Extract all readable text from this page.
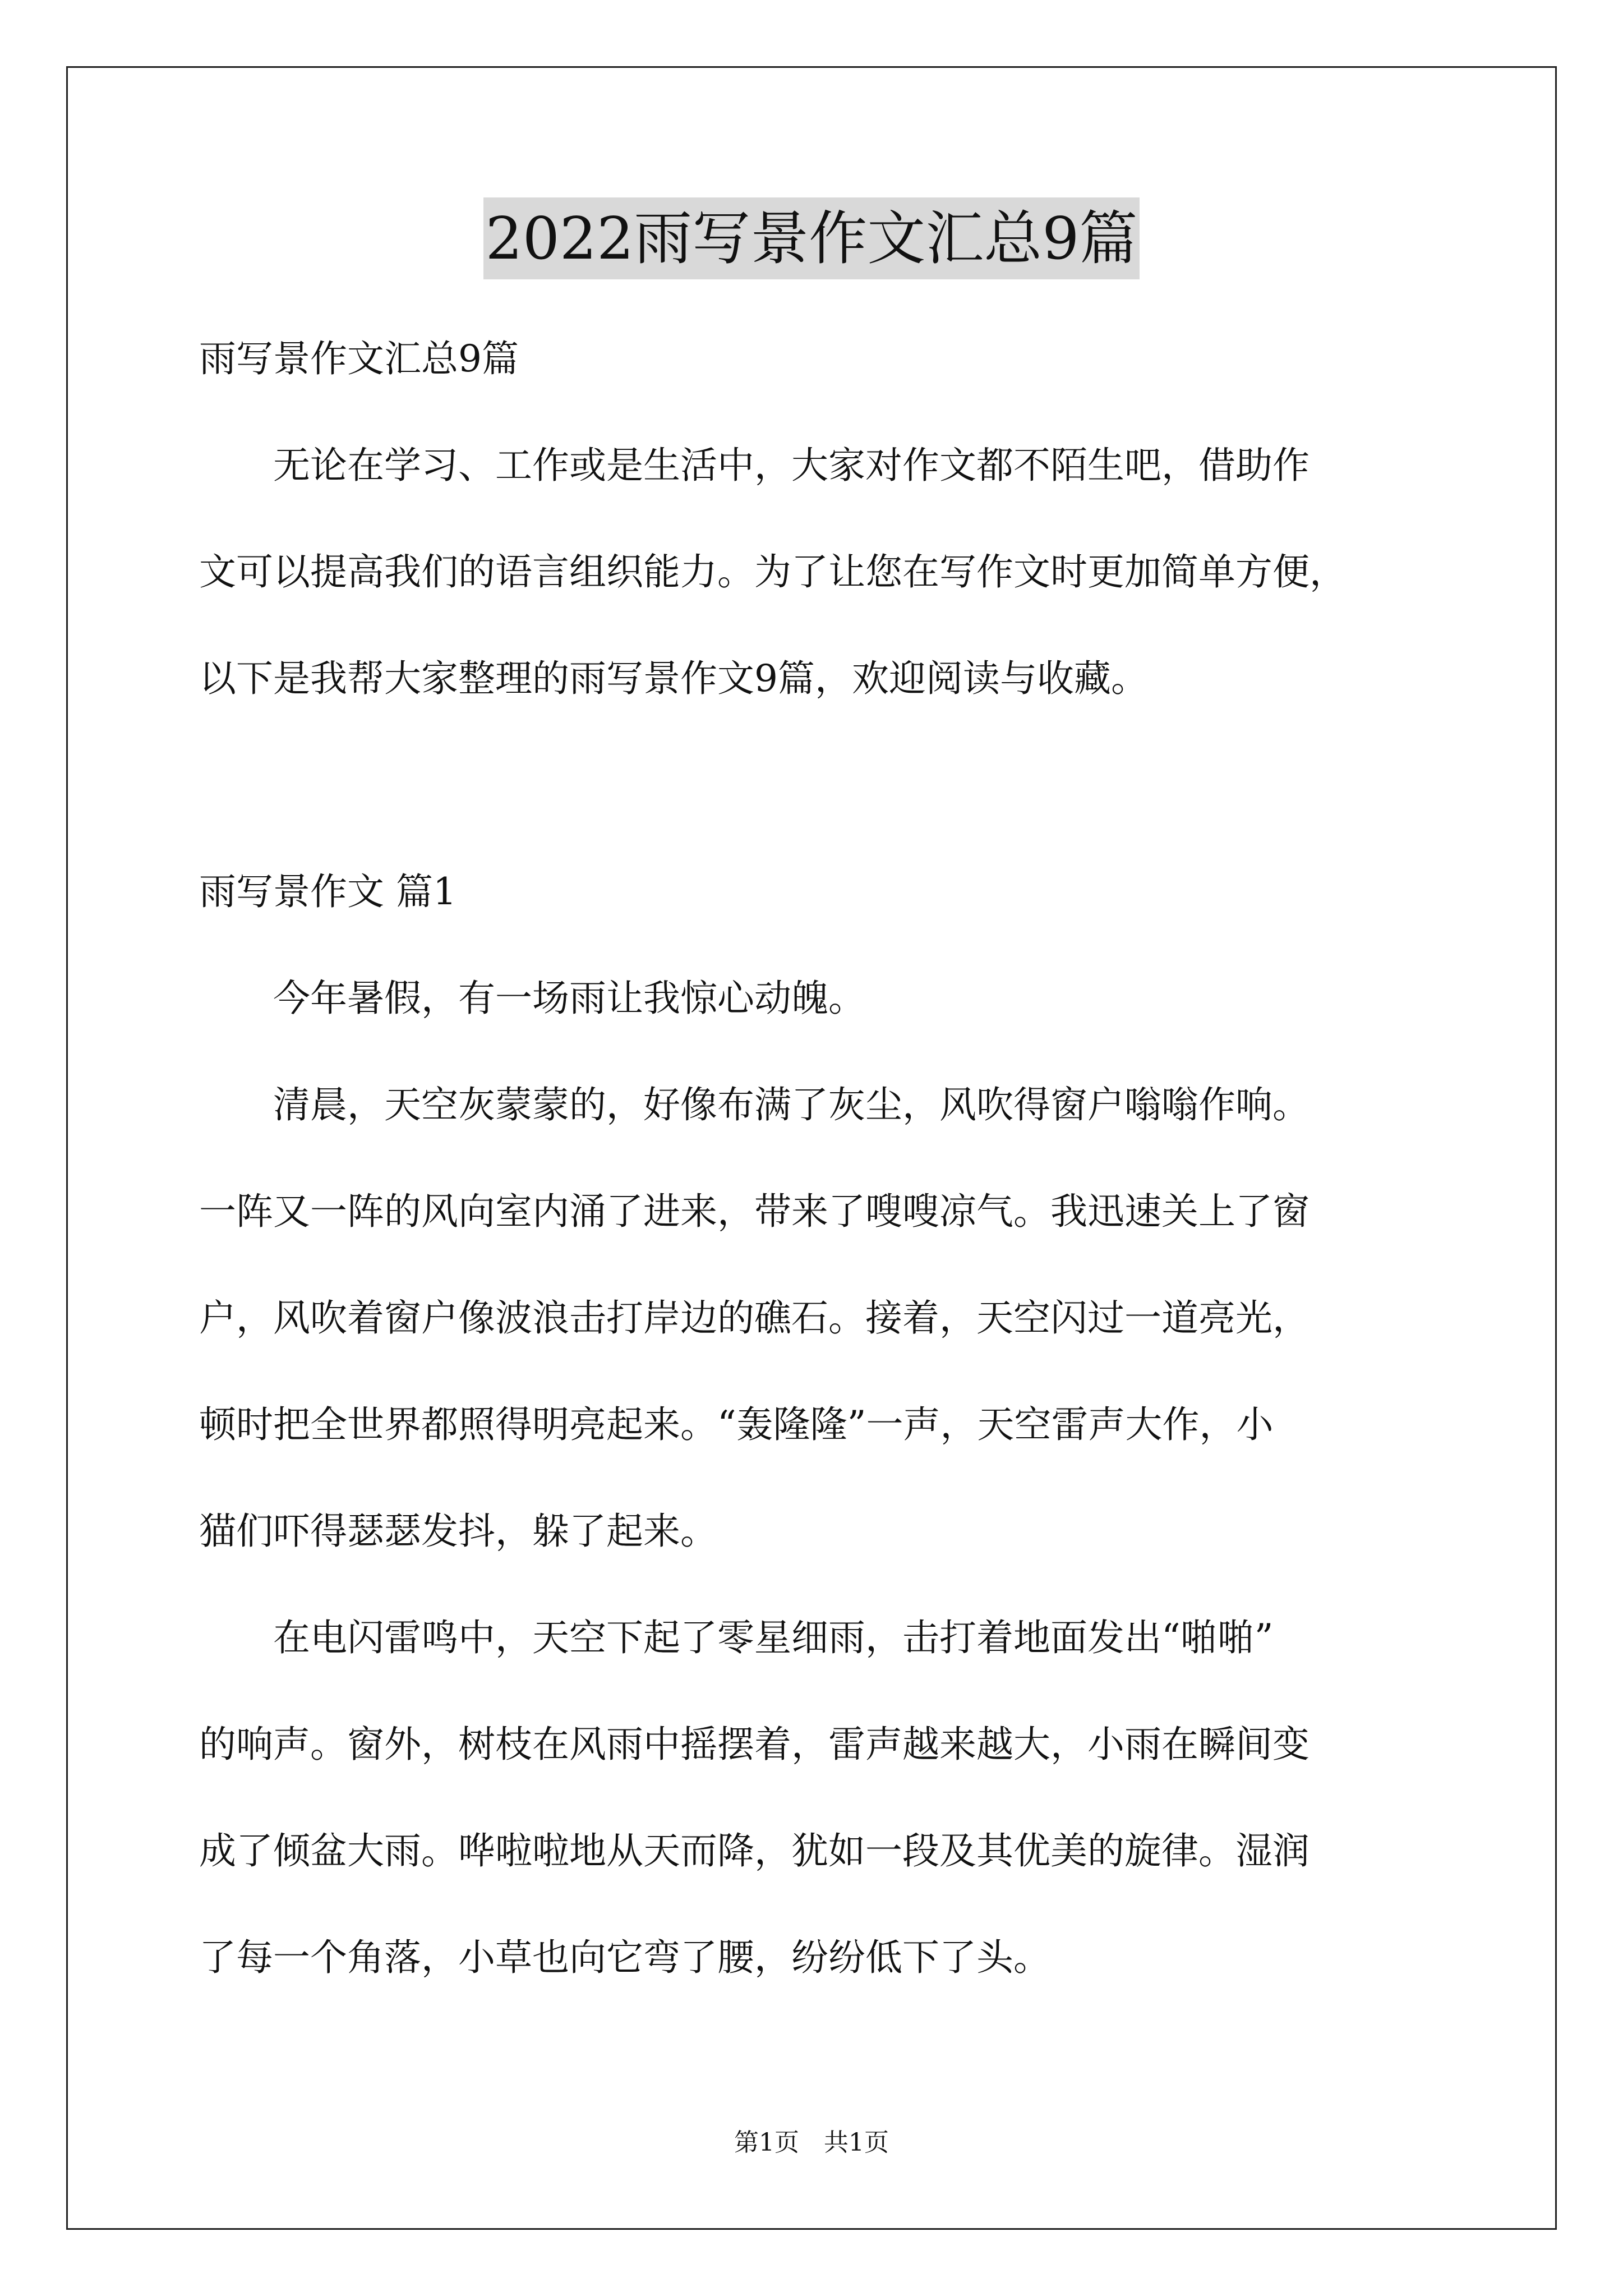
2022雨写景作文汇总9篇
雨写景作文汇总9篇
　　无论在学习、工作或是生活中，大家对作文都不陌生吧，借助作
文可以提高我们的语言组织能力。为了让您在写作文时更加简单方便，
以下是我帮大家整理的雨写景作文9篇，欢迎阅读与收藏。
雨写景作文 篇1
　　今年暑假，有一场雨让我惊心动魄。
　　清晨，天空灰蒙蒙的，好像布满了灰尘，风吹得窗户嗡嗡作响。
一阵又一阵的风向室内涌了进来，带来了嗖嗖凉气。我迅速关上了窗
户，风吹着窗户像波浪击打岸边的礁石。接着，天空闪过一道亮光，
顿时把全世界都照得明亮起来。“轰隆隆”一声，天空雷声大作，小
猫们吓得瑟瑟发抖，躲了起来。
　　在电闪雷鸣中，天空下起了零星细雨，击打着地面发出“啪啪”
的响声。窗外，树枝在风雨中摇摆着，雷声越来越大，小雨在瞬间变
成了倾盆大雨。哗啦啦地从天而降，犹如一段及其优美的旋律。湿润
了每一个角落，小草也向它弯了腰，纷纷低下了头。
第1页　共1页
